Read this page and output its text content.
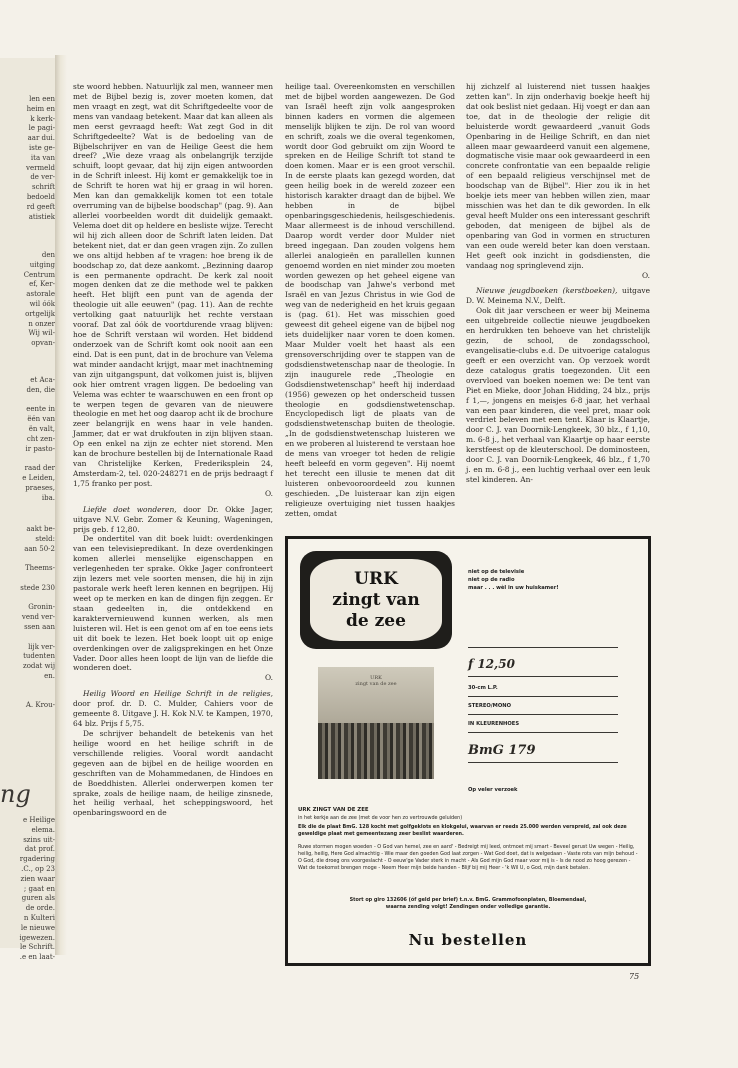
len een
heim en
k kerk-
le pagi-
aar dui.
iste ge-
ita van
vermeld
de ver-
schrift
bedoeld
rd geeft
atistiek
den
uitging
Centrum
ef, Ker-
astorale
wil óók
ortgelijk
n onzer
Wij wil-
opvan-
et Aca-
den, die

eente in
ëén van
ën valt,
cht zen-
ir pasto-

raad der
e Leiden,
praeses,
iba.
aakt be-
steld:
aan 50-2

Theems-

stede 230

Gronin-
vend ver-
ssen aan

lijk ver-
tudenten
zodat wij
en.

A. Krou-
ng
e Heilige
elema.
szins uit-
dat prof.
rgadering
.C., op 23
zien waar
; gaat en
guren als
de orde.
n Kulteri
le nieuwe
igewezen.
le Schrift.
.e en laat-

ste woord hebben. Natuurlijk zal men, wanneer men met de Bijbel bezig is, zover moeten komen, dat men vraagt en zegt, wat dit Schriftgedeelte voor de mens van vandaag betekent. Maar dat kan alleen als men eerst gevraagd heeft: Wat zegt God in dit Schriftgedeelte? Wat is de bedoeling van de Bijbelschrijver en van de Heilige Geest die hem dreef? „Wie deze vraag als onbelangrijk terzijde schuift, loopt gevaar, dat hij zijn eigen antwoorden in de Schrift inleest. Hij komt er gemakkelijk toe in de Schrift te horen wat hij er graag in wil horen. Men kan dan gemakkelijk komen tot een totale overruming van de bijbelse boodschap" (pag. 9). Aan allerlei voorbeelden wordt dit duidelijk gemaakt. Velema doet dit op heldere en besliste wijze. Terecht wil hij zich alleen door de Schrift laten leiden. Dat betekent niet, dat er dan geen vragen zijn. Zo zullen we ons altijd hebben af te vragen: hoe breng ik de boodschap zo, dat deze aankomt. „Bezinning daarop is een permanente opdracht. De kerk zal nooit mogen denken dat ze die methode wel te pakken heeft. Het blijft een punt van de agenda der theologie uit alle eeuwen" (pag. 11). Aan de rechte vertolking gaat natuurlijk het rechte verstaan vooraf. Dat zal óók de voortdurende vraag blijven: hoe de Schrift verstaan wil worden. Het biddend onderzoek van de Schrift komt ook nooit aan een eind. Dat is een punt, dat in de brochure van Velema wat minder aandacht krijgt, maar met inachtneming van zijn uitgangspunt, dat volkomen juist is, blijven ook hier omtrent vragen liggen. De bedoeling van Velema was echter te waarschuwen en een front op te werpen tegen de gevaren van de nieuwere theologie en met het oog daarop acht ik de brochure zeer belangrijk en wens haar in vele handen. Jammer, dat er wat drukfouten in zijn blijven staan. Op een enkel na zijn ze echter niet storend. Men kan de brochure bestellen bij de Internationale Raad van Christelijke Kerken, Frederiksplein 24, Amsterdam-2, tel. 020-248271 en de prijs bedraagt f 1,75 franko per post.

O.

Liefde doet wonderen, door Dr. Okke Jager, uitgave N.V. Gebr. Zomer & Keuning, Wageningen, prijs geb. f 12,80.

De ondertitel van dit boek luidt: overdenkingen van een televisiepredikant. In deze overdenkingen komen allerlei menselijke eigenschappen en verlegenheden ter sprake. Okke Jager confronteert zijn lezers met vele soorten mensen, die hij in zijn pastorale werk heeft leren kennen en begrijpen. Hij weet op te merken en kan de dingen fijn zeggen. Er staan gedeelten in, die ontdekkend en karaktervernieuwend kunnen werken, als men luisteren wil. Het is een genot om af en toe eens iets uit dit boek te lezen. Het boek loopt uit op enige overdenkingen over de zaligsprekingen en het Onze Vader. Door alles heen loopt de lijn van de liefde die wonderen doet.

O.

Heilig Woord en Heilige Schrift in de religies, door prof. dr. D. C. Mulder, Cahiers voor de gemeente 8. Uitgave J. H. Kok N.V. te Kampen, 1970, 64 blz. Prijs f 5,75.

De schrijver behandelt de betekenis van het heilige woord en het heilige schrift in de verschillende religies. Vooral wordt aandacht gegeven aan de bijbel en de heilige woorden en geschriften van de Mohammedanen, de Hindoes en de Boeddhisten. Allerlei onderwerpen komen ter sprake, zoals de heilige naam, de heilige zinsnede, het heilig verhaal, het scheppingswoord, het openbaringswoord en de

heilige taal. Overeenkomsten en verschillen met de bijbel worden aangewezen. De God van Israël heeft zijn volk aangesproken binnen kaders en vormen die algemeen menselijk blijken te zijn. De rol van woord en schrift, zoals we die overal tegenkomen, wordt door God gebruikt om zijn Woord te spreken en de Heilige Schrift tot stand te doen komen. Maar er is een groot verschil. In de eerste plaats kan gezegd worden, dat geen heilig boek in de wereld zozeer een historisch karakter draagt dan de bijbel. We hebben in de bijbel openbaringsgeschiedenis, heilsgeschiedenis. Maar allermeest is de inhoud verschillend. Daarop wordt verder door Mulder niet breed ingegaan. Dan zouden volgens hem allerlei analogieën en parallellen kunnen genoemd worden en niet minder zou moeten worden gewezen op het geheel eigene van de boodschap van Jahwe's verbond met Israël en van Jezus Christus in wie God de weg van de nederigheid en het kruis gegaan is (pag. 61). Het was misschien goed geweest dit geheel eigene van de bijbel nog iets duidelijker naar voren te doen komen. Maar Mulder voelt het haast als een grensoverschrijding over te stappen van de godsdienstwetenschap naar de theologie. In zijn inaugurele rede „Theologie en Godsdienstwetenschap" heeft hij inderdaad (1956) gewezen op het onderscheid tussen theologie en godsdienstwetenschap. Encyclopedisch ligt de plaats van de godsdienstwetenschap buiten de theologie. „In de godsdienstwetenschap luisteren we en we proberen al luisterend te verstaan hoe de mens van vroeger tot heden de religie heeft beleefd en vorm gegeven". Hij noemt het terecht een illusie te menen dat dit luisteren onbevooroordeeld zou kunnen geschieden. „De luisteraar kan zijn eigen religieuze overtuiging niet tussen haakjes zetten, omdat

hij zichzelf al luisterend niet tussen haakjes zetten kan". In zijn onderhavig boekje heeft hij dat ook beslist niet gedaan. Hij voegt er dan aan toe, dat in de theologie der religie dit beluisterde wordt gewaardeerd „vanuit Gods Openbaring in de Heilige Schrift, en dan niet alleen maar gewaardeerd vanuit een algemene, dogmatische visie maar ook gewaardeerd in een concrete confrontatie van een bepaalde religie of een bepaald religieus verschijnsel met de boodschap van de Bijbel". Hier zou ik in het boekje iets meer van hebben willen zien, maar misschien was het dan te dik geworden. In elk geval heeft Mulder ons een interessant geschrift geboden, dat menigeen de bijbel als de openbaring van God in vormen en structuren van een oude wereld beter kan doen verstaan. Het geeft ook inzicht in godsdiensten, die vandaag nog springlevend zijn.

O.

Nieuwe jeugdboeken (kerstboeken), uitgave D. W. Meinema N.V., Delft.

Ook dit jaar verscheen er weer bij Meinema een uitgebreide collectie nieuwe jeugdboeken en herdrukken ten behoeve van het christelijk gezin, de school, de zondagsschool, evangelisatie-clubs e.d. De uitvoerige catalogus geeft er een overzicht van. Op verzoek wordt deze catalogus gratis toegezonden. Uit een overvloed van boeken noemen we: De tent van Piet en Mieke, door Johan Hidding, 24 blz., prijs f 1,—, jongens en meisjes 6-8 jaar, het verhaal van een paar kinderen, die veel pret, maar ook verdriet beleven met een tent. Klaar is Klaartje, door C. J. van Doornik-Lengkeek, 30 blz., f 1,10, m. 6-8 j., het verhaal van Klaartje op haar eerste kerstfeest op de kleuterschool. De dominosteen, door C. J. van Doornik-Lengkeek, 46 blz., f 1,70 j. en m. 6-8 j., een luchtig verhaal over een leuk stel kinderen. An-

URK
zingt van
de zee
URK
zingt van de zee
niet op de televisie
niet op de radio
maar . . . wèl in uw huiskamer!
f 12,50
30-cm L.P.
STEREO/MONO
IN KLEURENHOES
BmG 179
Op veler verzoek
URK ZINGT VAN DE ZEE
in het kerkje aan de zee (met de voor hen zo vertrouwde geluiden)
Elk die de plaat BmG. 128 kocht met golfgeklots en klokgelui, waarvan er reeds 25.000 werden verspreid, zal ook deze geweldige plaat met gemeentezang zeer beslist waarderen.
Ruwe stormen mogen woeden - O God van hemel, zee en aard' - Bedreigt mij leed, ontmoet mij smart - Beveel gerust Uw wegen - Heilig, heilig, heilig, Here God almachtig - Wie maar den goeden God laat zorgen - Wat God doet, dat is welgedaan - Vaste rots van mijn behoud - O God, die droeg ons voorgeslacht - O eeuw'ge Vader sterk in macht - Als God mijn God maar voor mij is - Is de nood zo hoog gerezen - Wat de toekomst brengen moge - Neem Heer mijn beide handen - Blijf bij mij Heer - 'k Wil U, o God, mijn dank betalen.
Stort op giro 132606 (óf geld per brief) t.n.v. BmG. Grammofoonplaten, Bloemendaal, waarna zending volgt! Zendingen onder volledige garantie.
Nu bestellen
75
